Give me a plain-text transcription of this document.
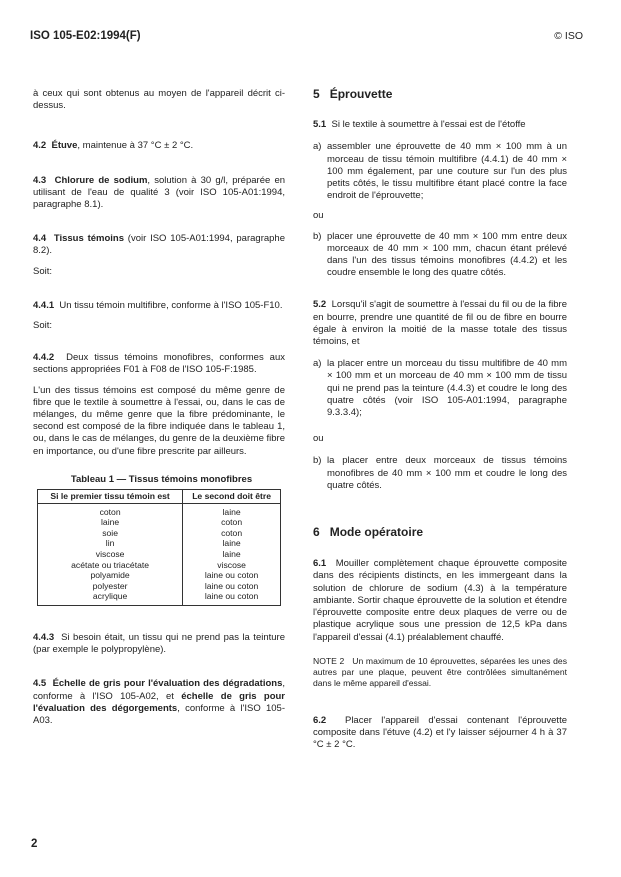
ISO 105-E02:1994(F)	© ISO

à ceux qui sont obtenus au moyen de l'appareil décrit ci-dessus.

4.2 Étuve, maintenue à 37 °C ± 2 °C.

4.3 Chlorure de sodium, solution à 30 g/l, préparée en utilisant de l'eau de qualité 3 (voir ISO 105-A01:1994, paragraphe 8.1).

4.4 Tissus témoins (voir ISO 105-A01:1994, paragraphe 8.2).

Soit:

4.4.1 Un tissu témoin multifibre, conforme à l'ISO 105-F10.

Soit:

4.4.2 Deux tissus témoins monofibres, conformes aux sections appropriées F01 à F08 de l'ISO 105-F:1985.

L'un des tissus témoins est composé du même genre de fibre que le textile à soumettre à l'essai, ou, dans le cas de mélanges, du même genre que la fibre prédominante, le second est composé de la fibre indiquée dans le tableau 1, ou, dans le cas de mélanges, du genre de la deuxième fibre en importance, ou d'une fibre prescrite par ailleurs.

Tableau 1 — Tissus témoins monofibres
Si le premier tissu témoin est	Le second doit être
coton	laine
laine	coton
soie	coton
lin	laine
viscose	laine
acétate ou triacétate	viscose
polyamide	laine ou coton
polyester	laine ou coton
acrylique	laine ou coton

4.4.3 Si besoin était, un tissu qui ne prend pas la teinture (par exemple le polypropylène).

4.5 Échelle de gris pour l'évaluation des dégradations, conforme à l'ISO 105-A02, et échelle de gris pour l'évaluation des dégorgements, conforme à l'ISO 105-A03.

5 Éprouvette

5.1 Si le textile à soumettre à l'essai est de l'étoffe

a) assembler une éprouvette de 40 mm × 100 mm à un morceau de tissu témoin multifibre (4.4.1) de 40 mm × 100 mm également, par une couture sur l'un des plus petits côtés, le tissu multifibre étant placé contre la face endroit de l'éprouvette;

ou

b) placer une éprouvette de 40 mm × 100 mm entre deux morceaux de 40 mm × 100 mm, chacun étant prélevé dans l'un des tissus témoins monofibres (4.4.2) et les coudre ensemble le long des quatre côtés.

5.2 Lorsqu'il s'agit de soumettre à l'essai du fil ou de la fibre en bourre, prendre une quantité de fil ou de fibre en bourre égale à environ la moitié de la masse totale des tissus témoins, et

a) la placer entre un morceau du tissu multifibre de 40 mm × 100 mm et un morceau de 40 mm × 100 mm de tissu qui ne prend pas la teinture (4.4.3) et coudre le long des quatre côtés (voir ISO 105-A01:1994, paragraphe 9.3.3.4);

ou

b) la placer entre deux morceaux de tissus témoins monofibres de 40 mm × 100 mm et coudre le long des quatre côtés.

6 Mode opératoire

6.1 Mouiller complètement chaque éprouvette composite dans des récipients distincts, en les immergeant dans la solution de chlorure de sodium (4.3) à la température ambiante. Sortir chaque éprouvette de la solution et étendre l'éprouvette composite entre deux plaques de verre ou de plastique acrylique sous une pression de 12,5 kPa dans l'appareil d'essai (4.1) préalablement chauffé.

NOTE 2 Un maximum de 10 éprouvettes, séparées les unes des autres par une plaque, peuvent être contrôlées simultanément dans le même appareil d'essai.

6.2 Placer l'appareil d'essai contenant l'éprouvette composite dans l'étuve (4.2) et l'y laisser séjourner 4 h à 37 °C ± 2 °C.

2
